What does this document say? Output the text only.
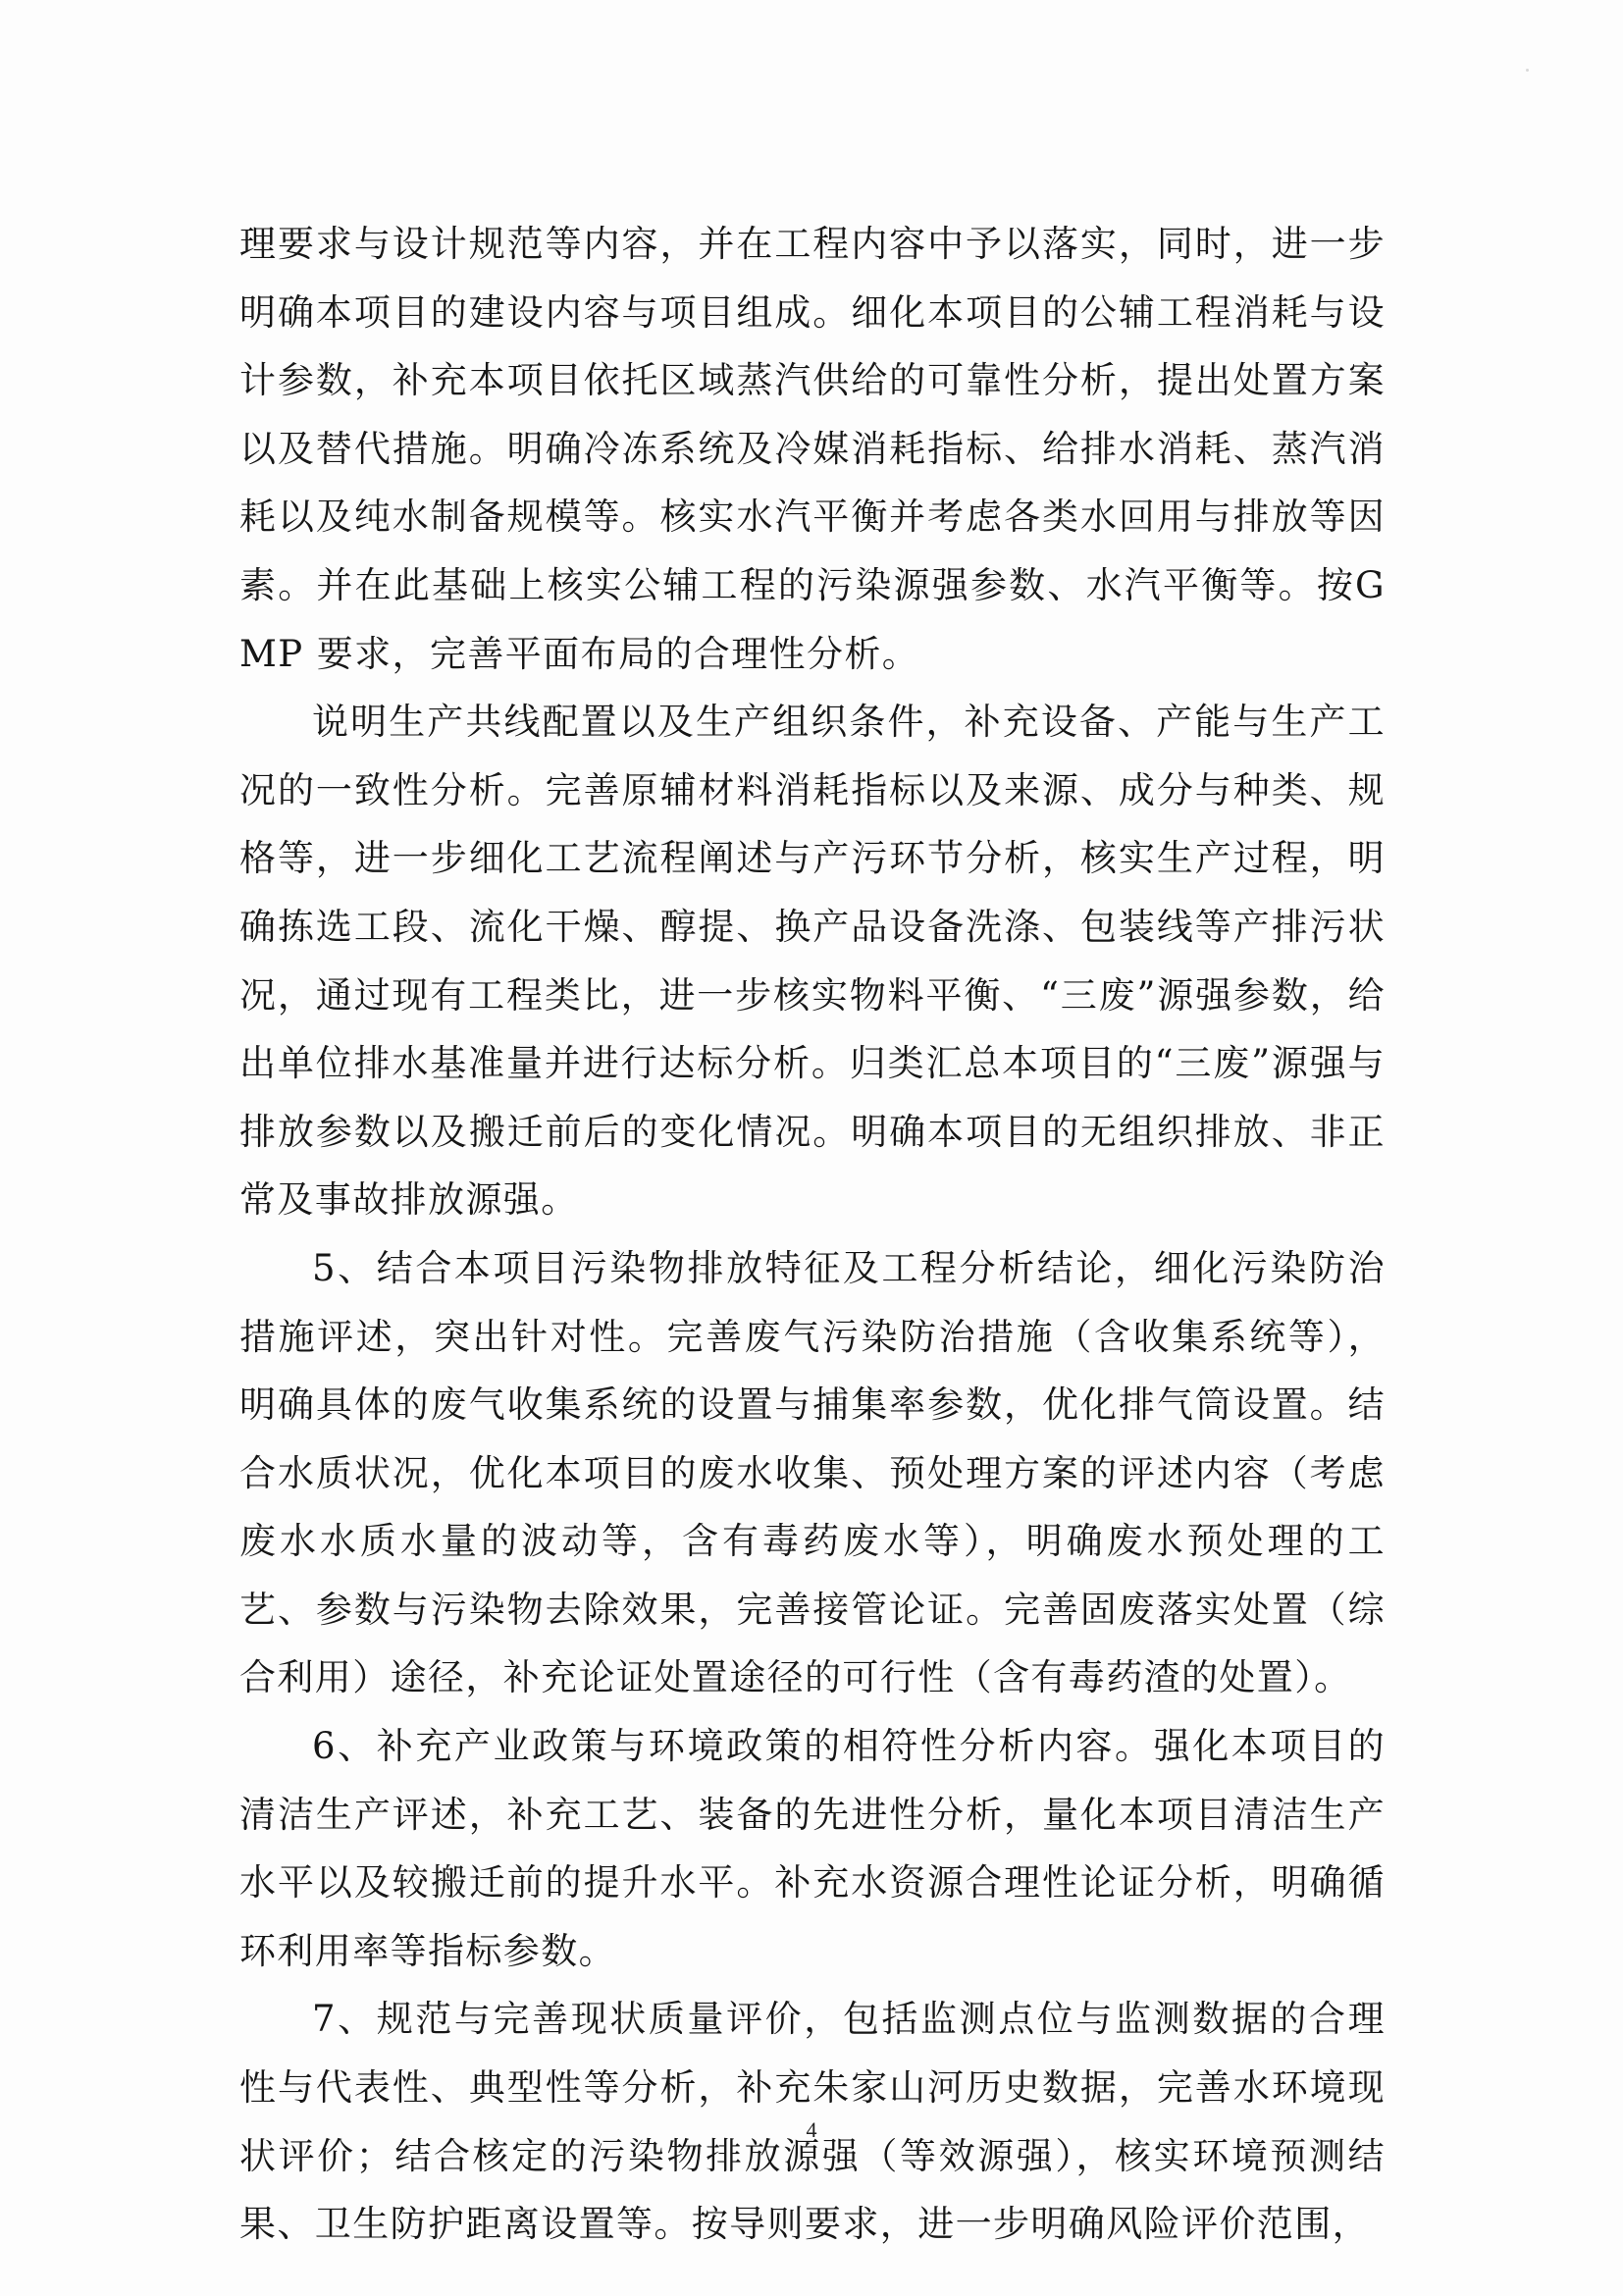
理要求与设计规范等内容，并在工程内容中予以落实，同时，进一步明确本项目的建设内容与项目组成。细化本项目的公辅工程消耗与设计参数，补充本项目依托区域蒸汽供给的可靠性分析，提出处置方案以及替代措施。明确冷冻系统及冷媒消耗指标、给排水消耗、蒸汽消耗以及纯水制备规模等。核实水汽平衡并考虑各类水回用与排放等因素。并在此基础上核实公辅工程的污染源强参数、水汽平衡等。按GMP 要求，完善平面布局的合理性分析。

说明生产共线配置以及生产组织条件，补充设备、产能与生产工况的一致性分析。完善原辅材料消耗指标以及来源、成分与种类、规格等，进一步细化工艺流程阐述与产污环节分析，核实生产过程，明确拣选工段、流化干燥、醇提、换产品设备洗涤、包装线等产排污状况，通过现有工程类比，进一步核实物料平衡、“三废”源强参数，给出单位排水基准量并进行达标分析。归类汇总本项目的“三废”源强与排放参数以及搬迁前后的变化情况。明确本项目的无组织排放、非正常及事故排放源强。

5、结合本项目污染物排放特征及工程分析结论，细化污染防治措施评述，突出针对性。完善废气污染防治措施（含收集系统等），明确具体的废气收集系统的设置与捕集率参数，优化排气筒设置。结合水质状况，优化本项目的废水收集、预处理方案的评述内容（考虑废水水质水量的波动等，含有毒药废水等），明确废水预处理的工艺、参数与污染物去除效果，完善接管论证。完善固废落实处置（综合利用）途径，补充论证处置途径的可行性（含有毒药渣的处置）。

6、补充产业政策与环境政策的相符性分析内容。强化本项目的清洁生产评述，补充工艺、装备的先进性分析，量化本项目清洁生产水平以及较搬迁前的提升水平。补充水资源合理性论证分析，明确循环利用率等指标参数。

7、规范与完善现状质量评价，包括监测点位与监测数据的合理性与代表性、典型性等分析，补充朱家山河历史数据，完善水环境现状评价；结合核定的污染物排放源强（等效源强），核实环境预测结果、卫生防护距离设置等。按导则要求，进一步明确风险评价范围，

4
